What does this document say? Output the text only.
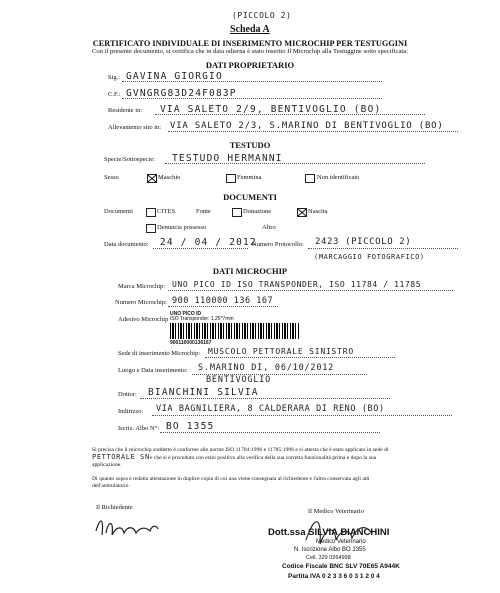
(PICCOLO 2)
Scheda A
CERTIFICATO INDIVIDUALE DI INSERIMENTO MICROCHIP PER TESTUGGINI
Con il presente documento, si certifica che in data odierna è stato inserito Il Microchip alla Testuggine sotto specificata:
DATI PROPRIETARIO
Sig.: GAVINA GIORGIO
C.F.: GVNGRG83D24F083P
Residente in: VIA SALETO 2/9, BENTIVOGLIO (BO)
Allevamento sito in: VIA SALETO 2/3, S.MARINO DI BENTIVOGLIO (BO)
TESTUDO
Specie/Sottospecie: TESTUDO HERMANNI
Sesso	Maschio	Femmina	Non identificato
DOCUMENTI
Documenti	CITES	Fonte	Donazione	Nascita
Denuncia possesso	Altro
Data documento: 24 / 04 / 2012
Numero Protocollo: 2423 (PICCOLO 2)
(MARCAGGIO FOTOGRAFICO)
DATI MICROCHIP
Marca Microchip: UNO PICO ID ISO TRANSPONDER, ISO 11784 / 11785
Numero Microchip: 900 110000 136 167
Adesivo Microchip
UNO PICO ID
ISO Transponder: 1.25*7mm
900110000136167
Sede di inserimento Microchip: MUSCOLO PETTORALE SINISTRO
Luogo e Data inserimento: S.MARINO DI, 06/10/2012
BENTIVOGLIO
Dottor: BIANCHINI SILVIA
Indirizzo: VIA BAGNILIERA, 8 CALDERARA DI RENO (BO)
Iscriz. Albo N°: BO 1355
Si precisa che il microchip suddetto è conforme alle norme ISO 11784:1996 e 11785:1996 e si attesta che è stato applicato in sede di
PETTORALE SN e che si è proceduto con esito positivo alla verifica della sua corretta funzionalità prima e dopo la sua
applicazione.
Di quanto sopra è redatta attestazione in duplice copia di cui una viene consegnata al richiedente e l'altra conservata agli atti
dell'ambulatorio.
Il Richiedente
Il Medico Veterinario
Dott.ssa SILVIA BIANCHINI
Medico Veterinario
N. Iscrizione Albo BO 1355
Cell. 329 0264998
Codice Fiscale BNC SLV 70E65 A944K
Partita IVA 0 2 3 3 6 0 3 1 2 0 4
